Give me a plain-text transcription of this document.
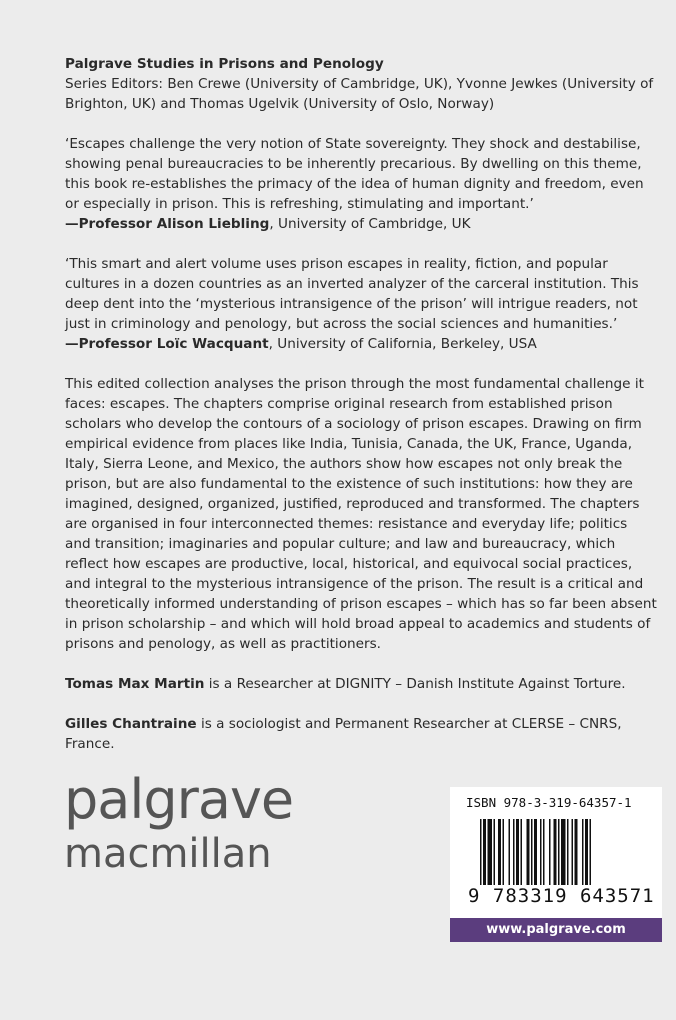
Palgrave Studies in Prisons and Penology

Series Editors: Ben Crewe (University of Cambridge, UK), Yvonne Jewkes (University of Brighton, UK) and Thomas Ugelvik (University of Oslo, Norway)

‘Escapes challenge the very notion of State sovereignty. They shock and destabilise, showing penal bureaucracies to be inherently precarious. By dwelling on this theme, this book re-establishes the primacy of the idea of human dignity and freedom, even or especially in prison. This is refreshing, stimulating and important.’

—Professor Alison Liebling, University of Cambridge, UK

‘This smart and alert volume uses prison escapes in reality, fiction, and popular cultures in a dozen countries as an inverted analyzer of the carceral institution. This deep dent into the ‘mysterious intransigence of the prison’ will intrigue readers, not just in criminology and penology, but across the social sciences and humanities.’

—Professor Loïc Wacquant, University of California, Berkeley, USA

This edited collection analyses the prison through the most fundamental challenge it faces: escapes. The chapters comprise original research from established prison scholars who develop the contours of a sociology of prison escapes. Drawing on firm empirical evidence from places like India, Tunisia, Canada, the UK, France, Uganda, Italy, Sierra Leone, and Mexico, the authors show how escapes not only break the prison, but are also fundamental to the existence of such institutions: how they are imagined, designed, organized, justified, reproduced and transformed. The chapters are organised in four interconnected themes: resistance and everyday life; politics and transition; imaginaries and popular culture; and law and bureaucracy, which reflect how escapes are productive, local, historical, and equivocal social practices, and integral to the mysterious intransigence of the prison. The result is a critical and theoretically informed understanding of prison escapes – which has so far been absent in prison scholarship – and which will hold broad appeal to academics and students of prisons and penology, as well as practitioners.

Tomas Max Martin is a Researcher at DIGNITY – Danish Institute Against Torture.

Gilles Chantraine is a sociologist and Permanent Researcher at CLERSE – CNRS, France.

palgrave
macmillan
ISBN 978-3-319-64357-1
9 783319 643571
www.palgrave.com
